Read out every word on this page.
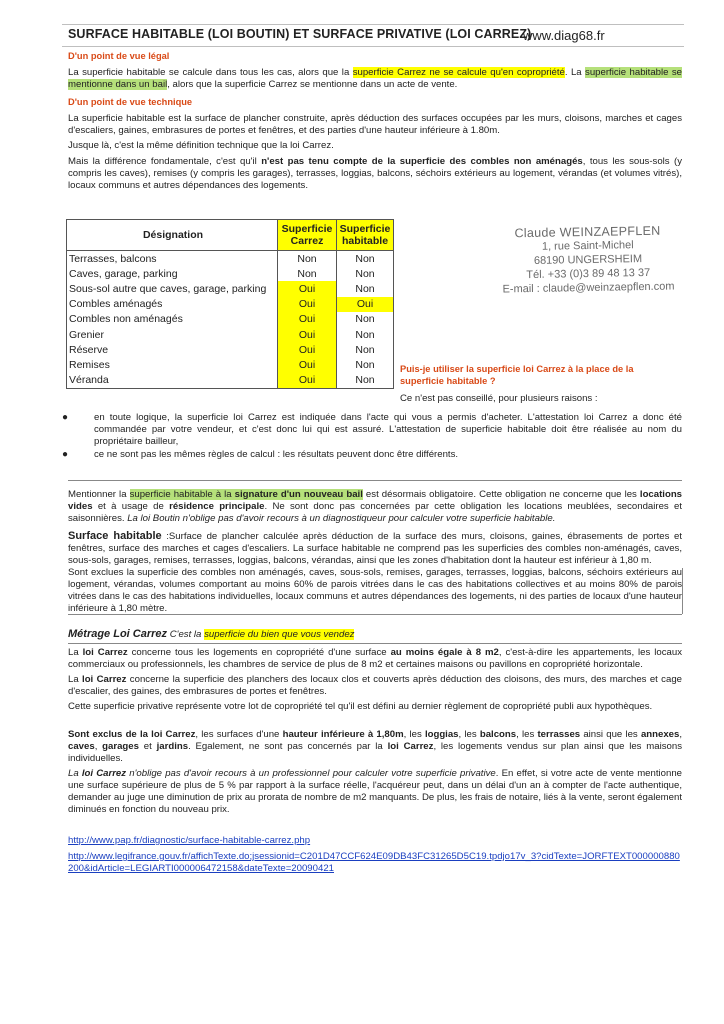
SURFACE HABITABLE (LOI BOUTIN) ET SURFACE PRIVATIVE (LOI CARREZ)
www.diag68.fr
D'un point de vue légal
La superficie habitable se calcule dans tous les cas, alors que la superficie Carrez ne se calcule qu'en copropriété. La superficie habitable se mentionne dans un bail, alors que la superficie Carrez se mentionne dans un acte de vente.
D'un point de vue technique
La superficie habitable est la surface de plancher construite, après déduction des surfaces occupées par les murs, cloisons, marches et cages d'escaliers, gaines, embrasures de portes et fenêtres, et des parties d'une hauteur inférieure à 1.80m.
Jusque là, c'est la même définition technique que la loi Carrez.
Mais la différence fondamentale, c'est qu'il n'est pas tenu compte de la superficie des combles non aménagés, tous les sous-sols (y compris les caves), remises (y compris les garages), terrasses, loggias, balcons, séchoirs extérieurs au logement, vérandas (et volumes vitrés), locaux communs et autres dépendances des logements.
Désignation	Superficie Carrez	Superficie habitable
Terrasses, balcons	Non	Non
Caves, garage, parking	Non	Non
Sous-sol autre que caves, garage, parking	Oui	Non
Combles aménagés	Oui	Oui
Combles non aménagés	Oui	Non
Grenier	Oui	Non
Réserve	Oui	Non
Remises	Oui	Non
Véranda	Oui	Non
Claude WEINZAEPFLEN
1, rue Saint-Michel
68190 UNGERSHEIM
Tél. +33 (0)3 89 48 13 37
E-mail : claude@weinzaepflen.com
Puis-je utiliser la superficie loi Carrez à la place de la superficie habitable ?
Ce n'est pas conseillé, pour plusieurs raisons :
●	en toute logique, la superficie loi Carrez est indiquée dans l'acte qui vous a permis d'acheter. L'attestation loi Carrez a donc été commandée par votre vendeur, et c'est donc lui qui est assuré. L'attestation de superficie habitable doit être réalisée au nom du propriétaire bailleur,
●	ce ne sont pas les mêmes règles de calcul : les résultats peuvent donc être différents.
Mentionner la superficie habitable à la signature d'un nouveau bail est désormais obligatoire. Cette obligation ne concerne que les locations vides et à usage de résidence principale. Ne sont donc pas concernées par cette obligation les locations meublées, secondaires et saisonnières. La loi Boutin n'oblige pas d'avoir recours à un diagnostiqueur pour calculer votre superficie habitable.
Surface habitable :Surface de plancher calculée après déduction de la surface des murs, cloisons, gaines, ébrasements de portes et fenêtres, surface des marches et cages d'escaliers. La surface habitable ne comprend pas les superficies des combles non-aménagés, caves, sous-sols, garages, remises, terrasses, loggias, balcons, vérandas, ainsi que les zones d'habitation dont la hauteur est inférieur à 1,80 m.
Sont exclues la superficie des combles non aménagés, caves, sous-sols, remises, garages, terrasses, loggias, balcons, séchoirs extérieurs au logement, vérandas, volumes comportant au moins 60% de parois vitrées dans le cas des habitations collectives et au moins 80% de parois vitrées dans le cas des habitations individuelles, locaux communs et autres dépendances des logements, ni des parties de locaux d'une hauteur inférieure à 1,80 mètre.
Métrage Loi Carrez C'est la superficie du bien que vous vendez
La loi Carrez concerne tous les logements en copropriété d'une surface au moins égale à 8 m2, c'est-à-dire les appartements, les locaux commerciaux ou professionnels, les chambres de service de plus de 8 m2 et certaines maisons ou pavillons en copropriété horizontale.
La loi Carrez concerne la superficie des planchers des locaux clos et couverts après déduction des cloisons, des murs, des marches et cage d'escalier, des gaines, des embrasures de portes et fenêtres.
Cette superficie privative représente votre lot de copropriété tel qu'il est défini au dernier règlement de copropriété publi aux hypothèques.
Sont exclus de la loi Carrez, les surfaces d'une hauteur inférieure à 1,80m, les loggias, les balcons, les terrasses ainsi que les annexes, caves, garages et jardins. Egalement, ne sont pas concernés par la loi Carrez, les logements vendus sur plan ainsi que les maisons individuelles.
La loi Carrez n'oblige pas d'avoir recours à un professionnel pour calculer votre superficie privative. En effet, si votre acte de vente mentionne une surface supérieure de plus de 5 % par rapport à la surface réelle, l'acquéreur peut, dans un délai d'un an à compter de l'acte authentique, demander au juge une diminution de prix au prorata de nombre de m2 manquants. De plus, les frais de notaire, liés à la vente, seront également diminués en fonction du nouveau prix.
http://www.pap.fr/diagnostic/surface-habitable-carrez.php
http://www.legifrance.gouv.fr/affichTexte.do;jsessionid=C201D47CCF624E09DB43FC31265D5C19.tpdjo17v_3?cidTexte=JORFTEXT000000880200&idArticle=LEGIARTI000006472158&dateTexte=20090421
